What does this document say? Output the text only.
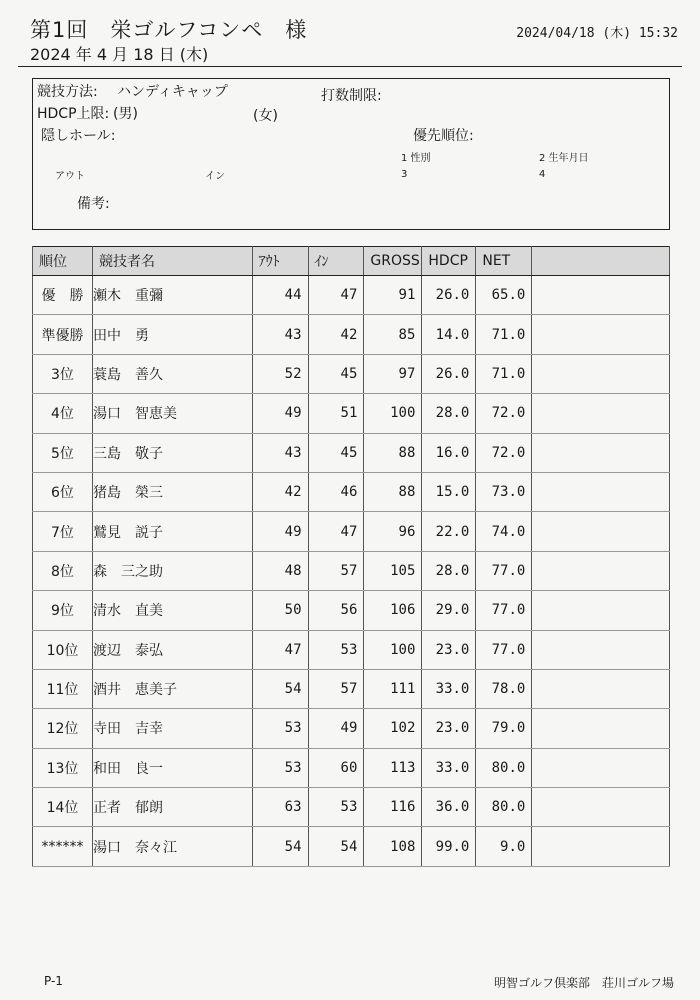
第1回　栄ゴルフコンペ　様	2024/04/18 (木) 15:32
2024 年 4 月 18 日 (木)
競技方法: ハンディキャップ	打数制限:
HDCP上限: (男)	(女)
隠しホール:	優先順位:
1 性別	2 生年月日
アウト	イン	3	4
備考:
順位	競技者名	ｱｳﾄ	ｲﾝ	GROSS	HDCP	NET	
優　勝	瀬木　重彌	44	47	91	26.0	65.0	
準優勝	田中　勇	43	42	85	14.0	71.0	
3位	蓑島　善久	52	45	97	26.0	71.0	
4位	湯口　智恵美	49	51	100	28.0	72.0	
5位	三島　敬子	43	45	88	16.0	72.0	
6位	猪島　榮三	42	46	88	15.0	73.0	
7位	鷲見　説子	49	47	96	22.0	74.0	
8位	森　三之助	48	57	105	28.0	77.0	
9位	清水　直美	50	56	106	29.0	77.0	
10位	渡辺　泰弘	47	53	100	23.0	77.0	
11位	酒井　恵美子	54	57	111	33.0	78.0	
12位	寺田　吉幸	53	49	102	23.0	79.0	
13位	和田　良一	53	60	113	33.0	80.0	
14位	正者　郁朗	63	53	116	36.0	80.0	
******	湯口　奈々江	54	54	108	99.0	9.0	
P-1	明智ゴルフ倶楽部　荘川ゴルフ場
